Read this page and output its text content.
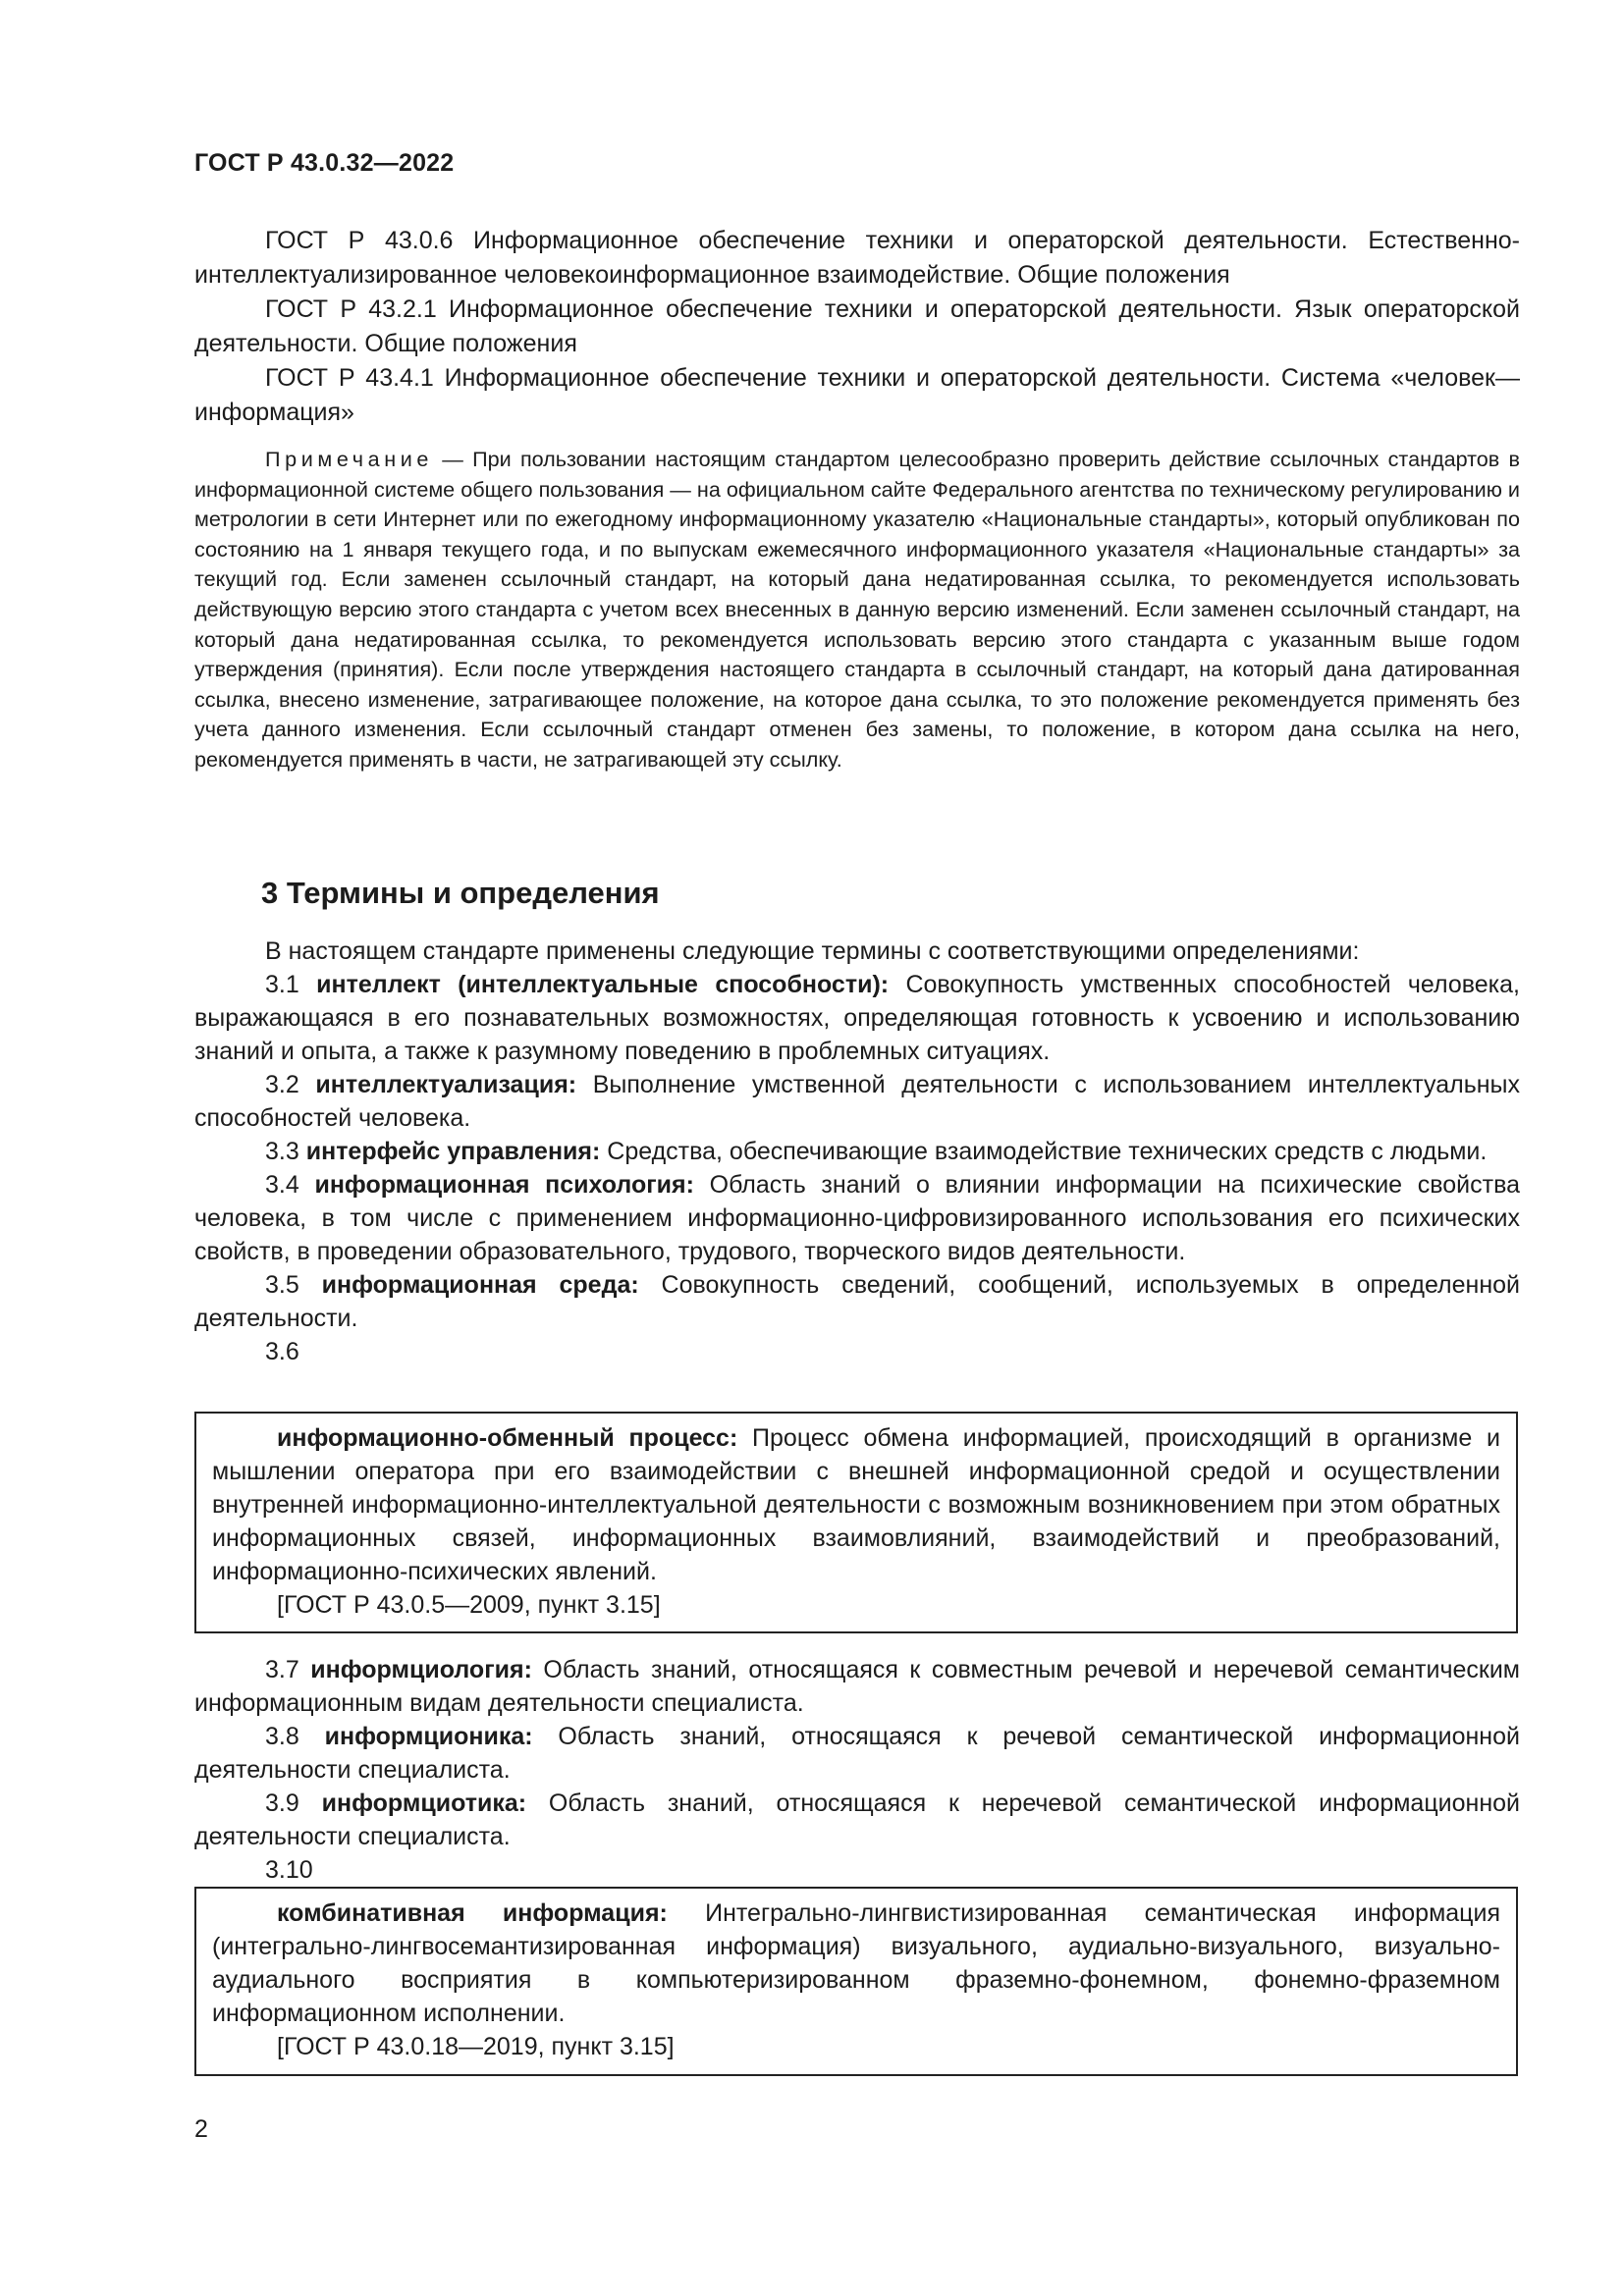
ГОСТ Р 43.0.32—2022

ГОСТ Р 43.0.6 Информационное обеспечение техники и операторской деятельности. Естественно-интеллектуализированное человекоинформационное взаимодействие. Общие положения

ГОСТ Р 43.2.1 Информационное обеспечение техники и операторской деятельности. Язык операторской деятельности. Общие положения

ГОСТ Р 43.4.1 Информационное обеспечение техники и операторской деятельности. Система «человек—информация»

Примечание — При пользовании настоящим стандартом целесообразно проверить действие ссылочных стандартов в информационной системе общего пользования — на официальном сайте Федерального агентства по техническому регулированию и метрологии в сети Интернет или по ежегодному информационному указателю «Национальные стандарты», который опубликован по состоянию на 1 января текущего года, и по выпускам ежемесячного информационного указателя «Национальные стандарты» за текущий год. Если заменен ссылочный стандарт, на который дана недатированная ссылка, то рекомендуется использовать действующую версию этого стандарта с учетом всех внесенных в данную версию изменений. Если заменен ссылочный стандарт, на который дана недатированная ссылка, то рекомендуется использовать версию этого стандарта с указанным выше годом утверждения (принятия). Если после утверждения настоящего стандарта в ссылочный стандарт, на который дана датированная ссылка, внесено изменение, затрагивающее положение, на которое дана ссылка, то это положение рекомендуется применять без учета данного изменения. Если ссылочный стандарт отменен без замены, то положение, в котором дана ссылка на него, рекомендуется применять в части, не затрагивающей эту ссылку.

3 Термины и определения

В настоящем стандарте применены следующие термины с соответствующими определениями:

3.1 интеллект (интеллектуальные способности): Совокупность умственных способностей человека, выражающаяся в его познавательных возможностях, определяющая готовность к усвоению и использованию знаний и опыта, а также к разумному поведению в проблемных ситуациях.

3.2 интеллектуализация: Выполнение умственной деятельности с использованием интеллектуальных способностей человека.

3.3 интерфейс управления: Средства, обеспечивающие взаимодействие технических средств с людьми.

3.4 информационная психология: Область знаний о влиянии информации на психические свойства человека, в том числе с применением информационно-цифровизированного использования его психических свойств, в проведении образовательного, трудового, творческого видов деятельности.

3.5 информационная среда: Совокупность сведений, сообщений, используемых в определенной деятельности.

3.6

информационно-обменный процесс: Процесс обмена информацией, происходящий в организме и мышлении оператора при его взаимодействии с внешней информационной средой и осуществлении внутренней информационно-интеллектуальной деятельности с возможным возникновением при этом обратных информационных связей, информационных взаимовлияний, взаимодействий и преобразований, информационно-психических явлений.

[ГОСТ Р 43.0.5—2009, пункт 3.15]

3.7 информциология: Область знаний, относящаяся к совместным речевой и неречевой семантическим информационным видам деятельности специалиста.

3.8 информционика: Область знаний, относящаяся к речевой семантической информационной деятельности специалиста.

3.9 информциотика: Область знаний, относящаяся к неречевой семантической информационной деятельности специалиста.

3.10

комбинативная информация: Интегрально-лингвистизированная семантическая информация (интегрально-лингвосемантизированная информация) визуального, аудиально-визуального, визуально-аудиального восприятия в компьютеризированном фраземно-фонемном, фонемно-фраземном информационном исполнении.

[ГОСТ Р 43.0.18—2019, пункт 3.15]

2
